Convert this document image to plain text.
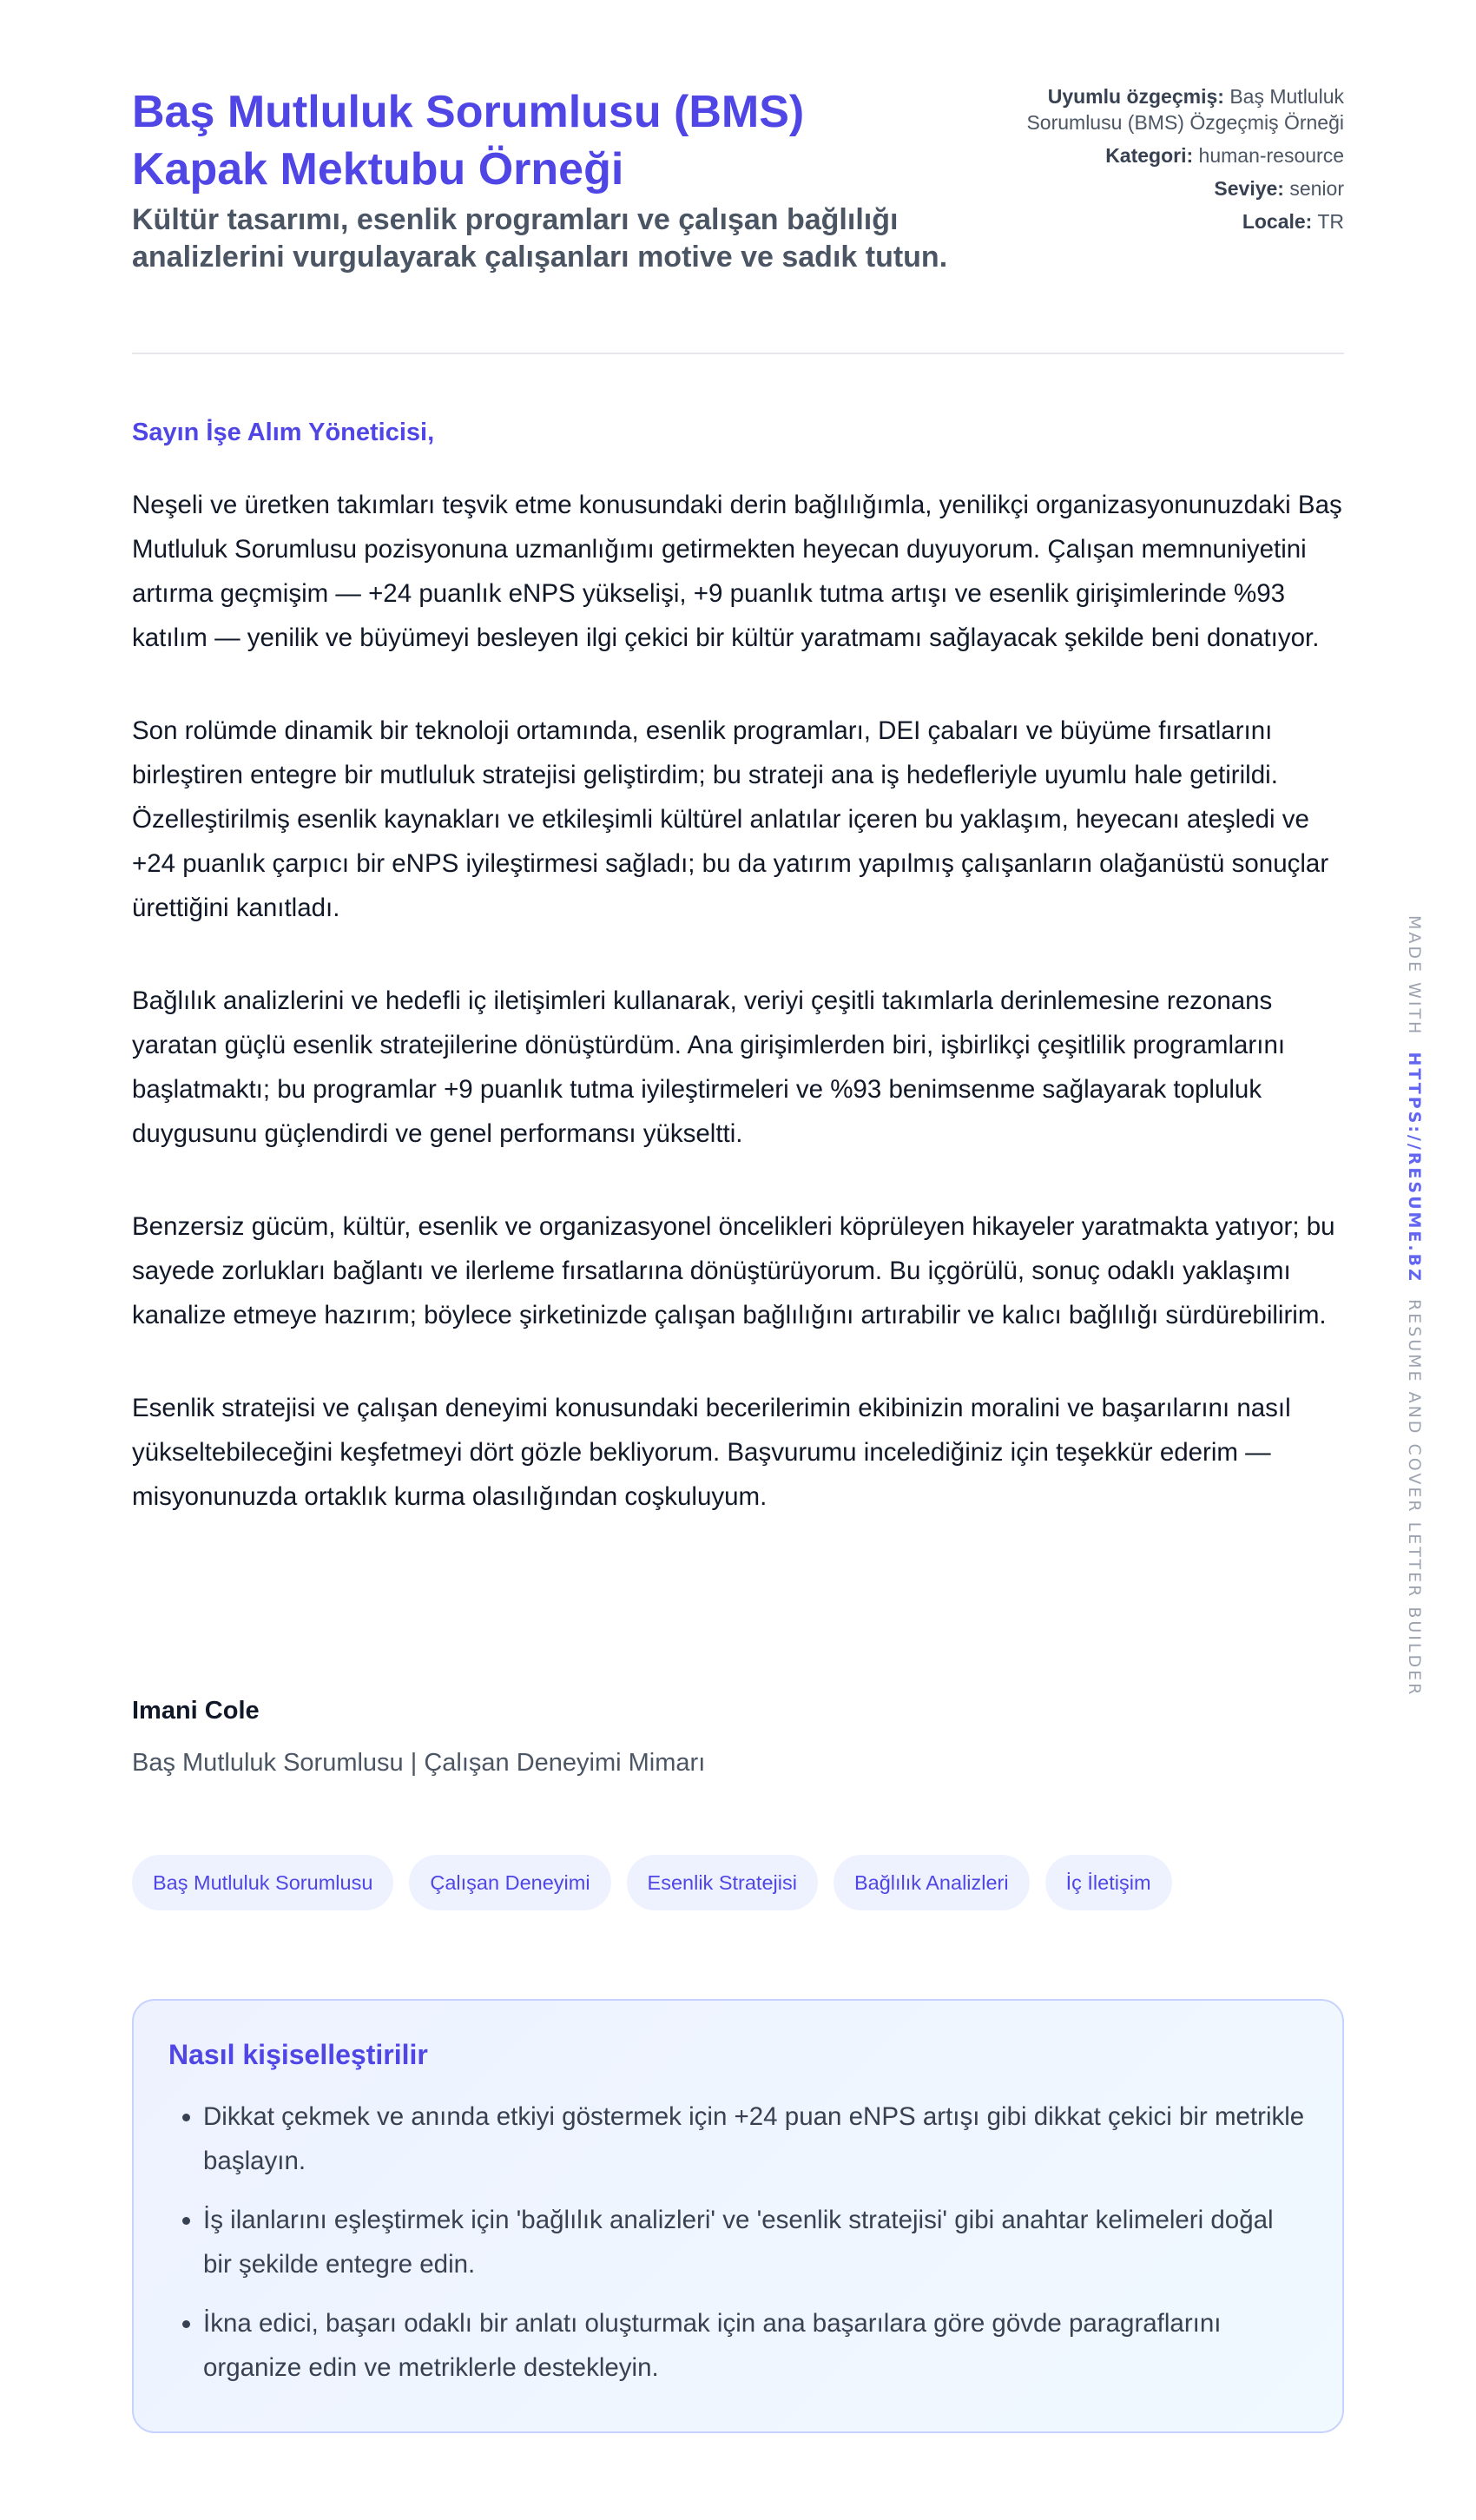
Baş Mutluluk Sorumlusu (BMS) Kapak Mektubu Örneği

Kültür tasarımı, esenlik programları ve çalışan bağlılığı analizlerini vurgulayarak çalışanları motive ve sadık tutun.

Uyumlu özgeçmiş: Baş Mutluluk Sorumlusu (BMS) Özgeçmiş Örneği
Kategori: human-resource
Seviye: senior
Locale: TR

Sayın İşe Alım Yöneticisi,

Neşeli ve üretken takımları teşvik etme konusundaki derin bağlılığımla, yenilikçi organizasyonunuzdaki Baş Mutluluk Sorumlusu pozisyonuna uzmanlığımı getirmekten heyecan duyuyorum. Çalışan memnuniyetini artırma geçmişim — +24 puanlık eNPS yükselişi, +9 puanlık tutma artışı ve esenlik girişimlerinde %93 katılım — yenilik ve büyümeyi besleyen ilgi çekici bir kültür yaratmamı sağlayacak şekilde beni donatıyor.

Son rolümde dinamik bir teknoloji ortamında, esenlik programları, DEI çabaları ve büyüme fırsatlarını birleştiren entegre bir mutluluk stratejisi geliştirdim; bu strateji ana iş hedefleriyle uyumlu hale getirildi. Özelleştirilmiş esenlik kaynakları ve etkileşimli kültürel anlatılar içeren bu yaklaşım, heyecanı ateşledi ve +24 puanlık çarpıcı bir eNPS iyileştirmesi sağladı; bu da yatırım yapılmış çalışanların olağanüstü sonuçlar ürettiğini kanıtladı.

Bağlılık analizlerini ve hedefli iç iletişimleri kullanarak, veriyi çeşitli takımlarla derinlemesine rezonans yaratan güçlü esenlik stratejilerine dönüştürdüm. Ana girişimlerden biri, işbirlikçi çeşitlilik programlarını başlatmaktı; bu programlar +9 puanlık tutma iyileştirmeleri ve %93 benimsenme sağlayarak topluluk duygusunu güçlendirdi ve genel performansı yükseltti.

Benzersiz gücüm, kültür, esenlik ve organizasyonel öncelikleri köprüleyen hikayeler yaratmakta yatıyor; bu sayede zorlukları bağlantı ve ilerleme fırsatlarına dönüştürüyorum. Bu içgörülü, sonuç odaklı yaklaşımı kanalize etmeye hazırım; böylece şirketinizde çalışan bağlılığını artırabilir ve kalıcı bağlılığı sürdürebilirim.

Esenlik stratejisi ve çalışan deneyimi konusundaki becerilerimin ekibinizin moralini ve başarılarını nasıl yükseltebileceğini keşfetmeyi dört gözle bekliyorum. Başvurumu incelediğiniz için teşekkür ederim — misyonunuzda ortaklık kurma olasılığından coşkuluyum.

Imani Cole

Baş Mutluluk Sorumlusu | Çalışan Deneyimi Mimarı

Baş Mutluluk Sorumlusu	Çalışan Deneyimi	Esenlik Stratejisi	Bağlılık Analizleri	İç İletişim
Nasıl kişiselleştirilir
• Dikkat çekmek ve anında etkiyi göstermek için +24 puan eNPS artışı gibi dikkat çekici bir metrikle başlayın.
• İş ilanlarını eşleştirmek için 'bağlılık analizleri' ve 'esenlik stratejisi' gibi anahtar kelimeleri doğal bir şekilde entegre edin.
• İkna edici, başarı odaklı bir anlatı oluşturmak için ana başarılara göre gövde paragraflarını organize edin ve metriklerle destekleyin.
MADE WITH  HTTPS://RESUME.BZ  RESUME AND COVER LETTER BUILDER
